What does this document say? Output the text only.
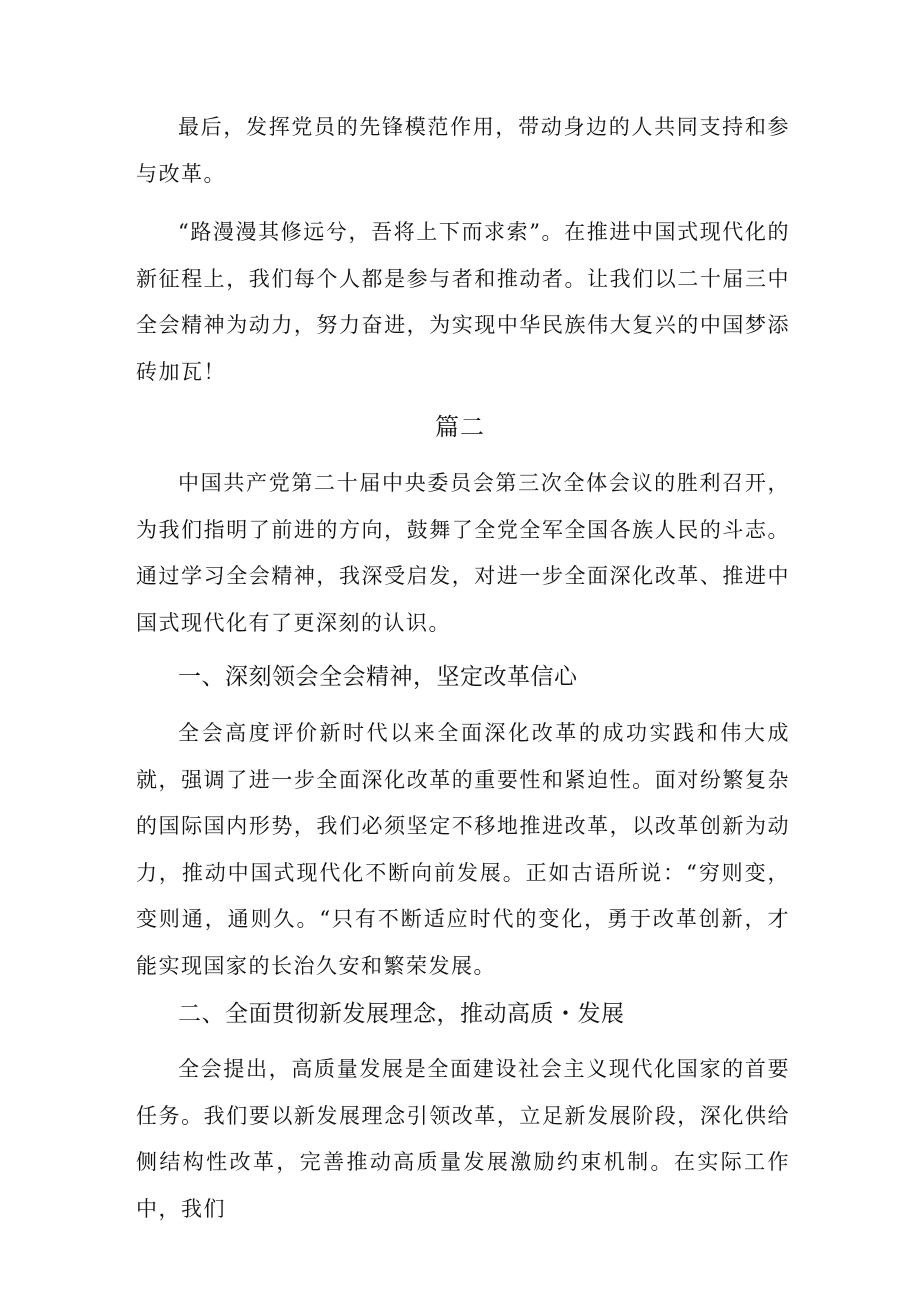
最后，发挥党员的先锋模范作用，带动身边的人共同支持和参与改革。

“路漫漫其修远兮，吾将上下而求索”。在推进中国式现代化的新征程上，我们每个人都是参与者和推动者。让我们以二十届三中全会精神为动力，努力奋进，为实现中华民族伟大复兴的中国梦添砖加瓦！

篇二

中国共产党第二十届中央委员会第三次全体会议的胜利召开，为我们指明了前进的方向，鼓舞了全党全军全国各族人民的斗志。通过学习全会精神，我深受启发，对进一步全面深化改革、推进中国式现代化有了更深刻的认识。

一、深刻领会全会精神，坚定改革信心

全会高度评价新时代以来全面深化改革的成功实践和伟大成就，强调了进一步全面深化改革的重要性和紧迫性。面对纷繁复杂的国际国内形势，我们必须坚定不移地推进改革，以改革创新为动力，推动中国式现代化不断向前发展。正如古语所说：“穷则变，变则通，通则久。“只有不断适应时代的变化，勇于改革创新，才能实现国家的长治久安和繁荣发展。

二、全面贯彻新发展理念，推动高质・发展

全会提出，高质量发展是全面建设社会主义现代化国家的首要任务。我们要以新发展理念引领改革，立足新发展阶段，深化供给侧结构性改革，完善推动高质量发展激励约束机制。在实际工作中，我们
